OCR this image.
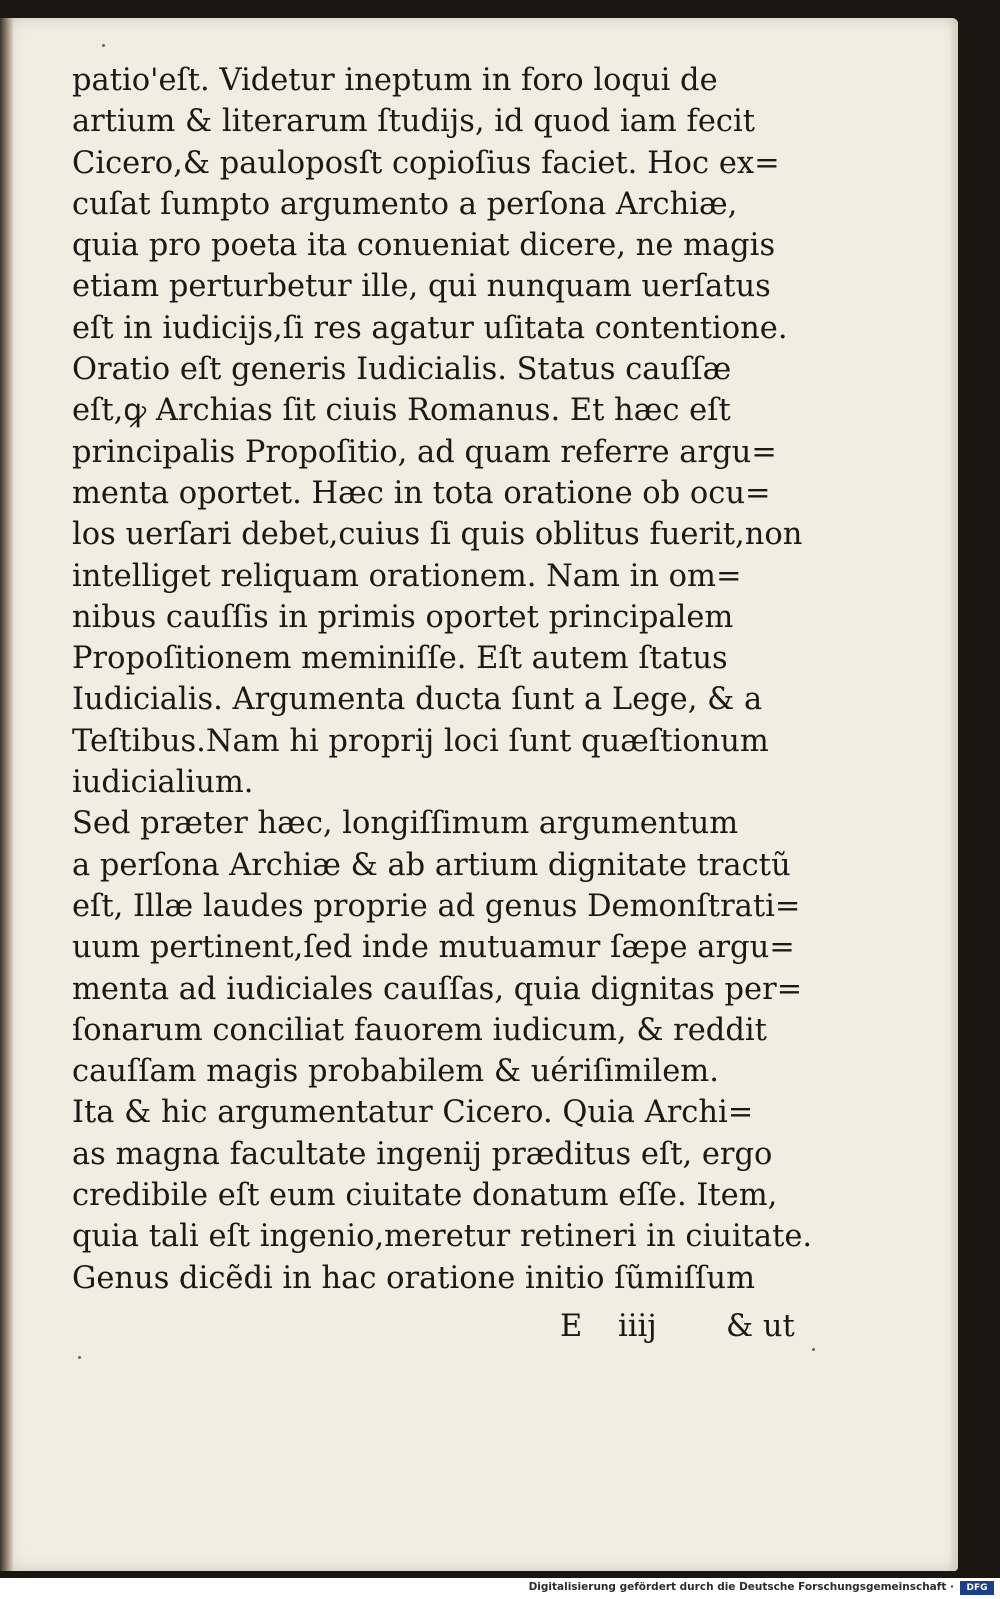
patio'eſt. Videtur ineptum in foro loqui de
artium & literarum ſtudijs, id quod iam fecit
Cicero,& pauloposſt copioſius faciet. Hoc ex=
cuſat ſumpto argumento a perſona Archiæ,
quia pro poeta ita conueniat dicere, ne magis
etiam perturbetur ille, qui nunquam uerſatus
eſt in iudicijs,ſi res agatur uſitata contentione.
Oratio eſt generis Iudicialis. Status cauſſæ
eſt,ꝙ Archias ſit ciuis Romanus. Et hæc eſt
principalis Propoſitio, ad quam referre argu=
menta oportet. Hæc in tota oratione ob ocu=
los uerſari debet,cuius ſi quis oblitus fuerit,non
intelliget reliquam orationem. Nam in om=
nibus cauſſis in primis oportet principalem
Propoſitionem meminiſſe. Eſt autem ſtatus
Iudicialis. Argumenta ducta ſunt a Lege, & a
Teſtibus.Nam hi proprij loci ſunt quæſtionum
iudicialium.
Sed præter hæc, longiſſimum argumentum
a perſona Archiæ & ab artium dignitate tractũ
eſt, Illæ laudes proprie ad genus Demonſtrati=
uum pertinent,ſed inde mutuamur ſæpe argu=
menta ad iudiciales cauſſas, quia dignitas per=
ſonarum conciliat fauorem iudicum, & reddit
cauſſam magis probabilem & uériſimilem.
Ita & hic argumentatur Cicero. Quia Archi=
as magna facultate ingenij præditus eſt, ergo
credibile eſt eum ciuitate donatum eſſe. Item,
quia tali eſt ingenio,meretur retineri in ciuitate.
Genus dicẽdi in hac oratione initio ſũmiſſum
E iiij & ut
Digitalisierung gefördert durch die Deutsche Forschungsgemeinschaft ·	DFG
